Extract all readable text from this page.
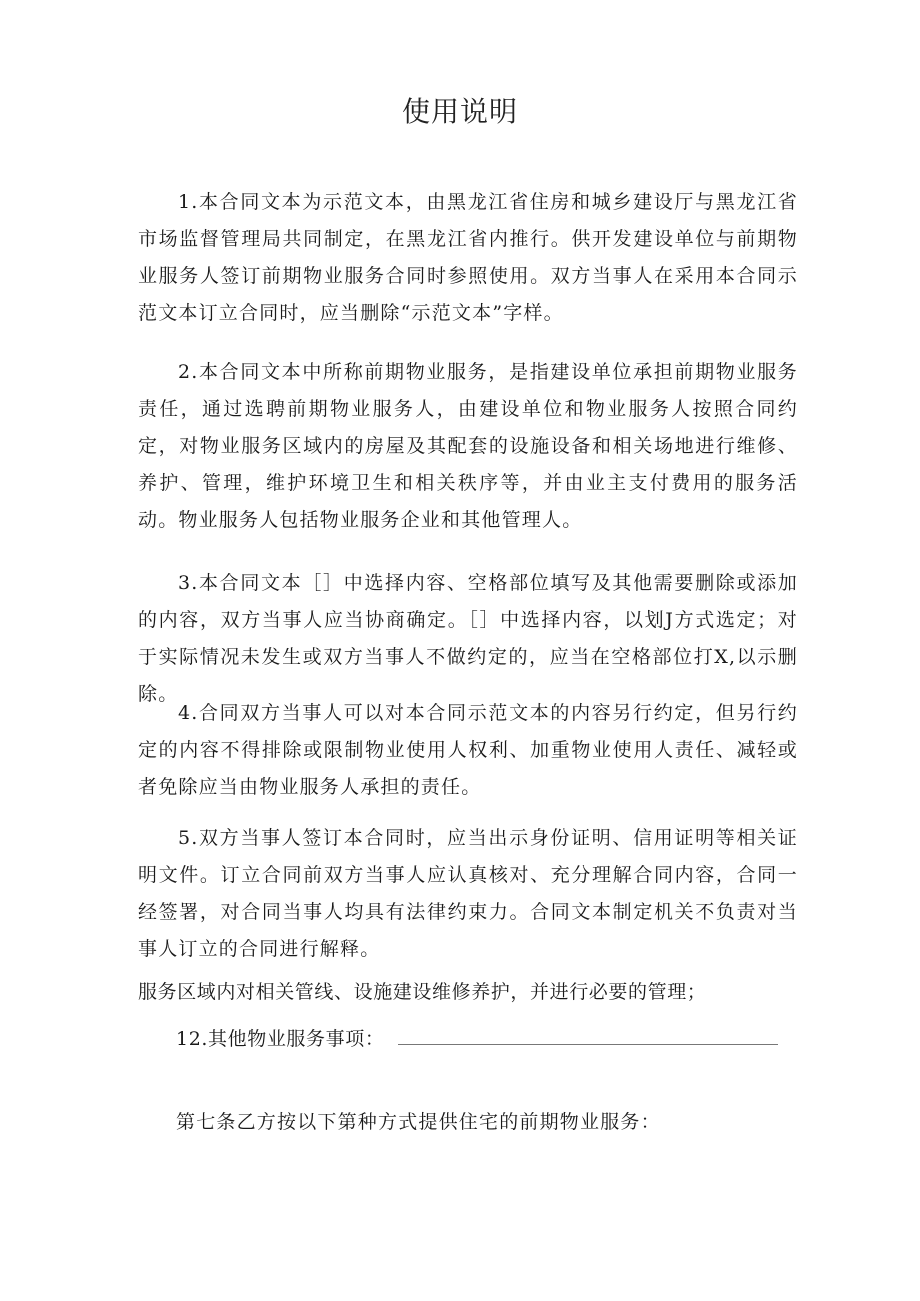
使用说明
1.本合同文本为示范文本，由黑龙江省住房和城乡建设厅与黑龙江省市场监督管理局共同制定，在黑龙江省内推行。供开发建设单位与前期物业服务人签订前期物业服务合同时参照使用。双方当事人在采用本合同示范文本订立合同时，应当删除“示范文本”字样。
2.本合同文本中所称前期物业服务，是指建设单位承担前期物业服务责任，通过选聘前期物业服务人，由建设单位和物业服务人按照合同约定，对物业服务区域内的房屋及其配套的设施设备和相关场地进行维修、养护、管理，维护环境卫生和相关秩序等，并由业主支付费用的服务活动。物业服务人包括物业服务企业和其他管理人。
3.本合同文本［］中选择内容、空格部位填写及其他需要删除或添加的内容，双方当事人应当协商确定。［］中选择内容，以划J方式选定；对于实际情况未发生或双方当事人不做约定的，应当在空格部位打X,以示删除。
4.合同双方当事人可以对本合同示范文本的内容另行约定，但另行约定的内容不得排除或限制物业使用人权利、加重物业使用人责任、减轻或者免除应当由物业服务人承担的责任。
5.双方当事人签订本合同时，应当出示身份证明、信用证明等相关证明文件。订立合同前双方当事人应认真核对、充分理解合同内容，合同一经签署，对合同当事人均具有法律约束力。合同文本制定机关不负责对当事人订立的合同进行解释。
服务区域内对相关管线、设施建设维修养护，并进行必要的管理；
12.其他物业服务事项：
第七条乙方按以下第种方式提供住宅的前期物业服务：
